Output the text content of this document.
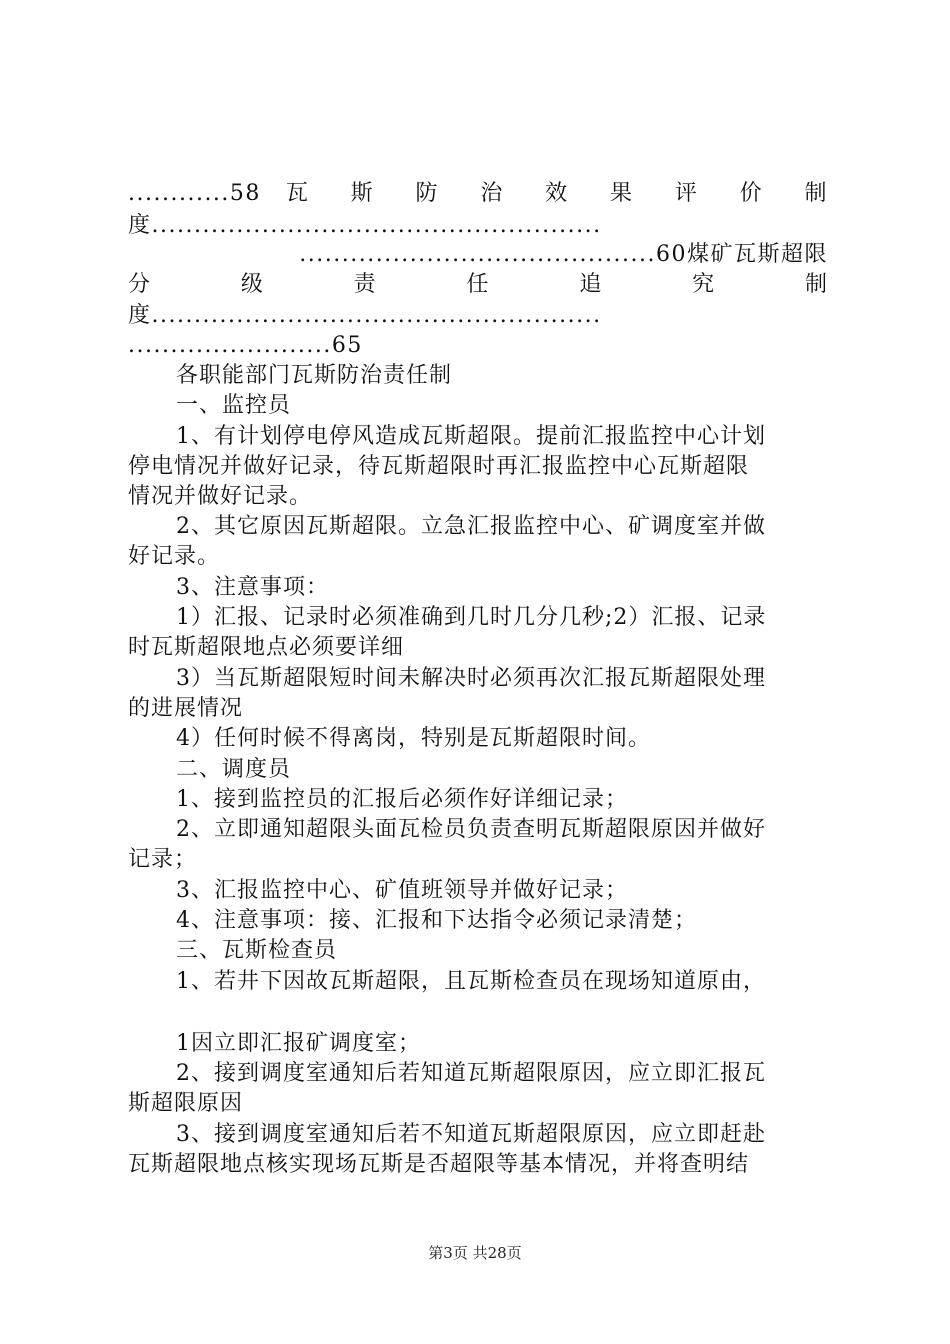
............58 瓦 斯 防 治 效 果 评 价 制
度.....................................................
..........................................60煤矿瓦斯超限
分 级 责 任 追 究 制
度.....................................................
........................65
各职能部门瓦斯防治责任制
一、监控员
1、有计划停电停风造成瓦斯超限。提前汇报监控中心计划
停电情况并做好记录，待瓦斯超限时再汇报监控中心瓦斯超限
情况并做好记录。
2、其它原因瓦斯超限。立急汇报监控中心、矿调度室并做
好记录。
3、注意事项：
1）汇报、记录时必须准确到几时几分几秒;2）汇报、记录
时瓦斯超限地点必须要详细
3）当瓦斯超限短时间未解决时必须再次汇报瓦斯超限处理
的进展情况
4）任何时候不得离岗，特别是瓦斯超限时间。
二、调度员
1、接到监控员的汇报后必须作好详细记录；
2、立即通知超限头面瓦检员负责查明瓦斯超限原因并做好
记录；
3、汇报监控中心、矿值班领导并做好记录；
4、注意事项：接、汇报和下达指令必须记录清楚；
三、瓦斯检查员
1、若井下因故瓦斯超限，且瓦斯检查员在现场知道原由，
1因立即汇报矿调度室；
2、接到调度室通知后若知道瓦斯超限原因，应立即汇报瓦
斯超限原因
3、接到调度室通知后若不知道瓦斯超限原因，应立即赶赴
瓦斯超限地点核实现场瓦斯是否超限等基本情况，并将查明结
第3页 共28页
